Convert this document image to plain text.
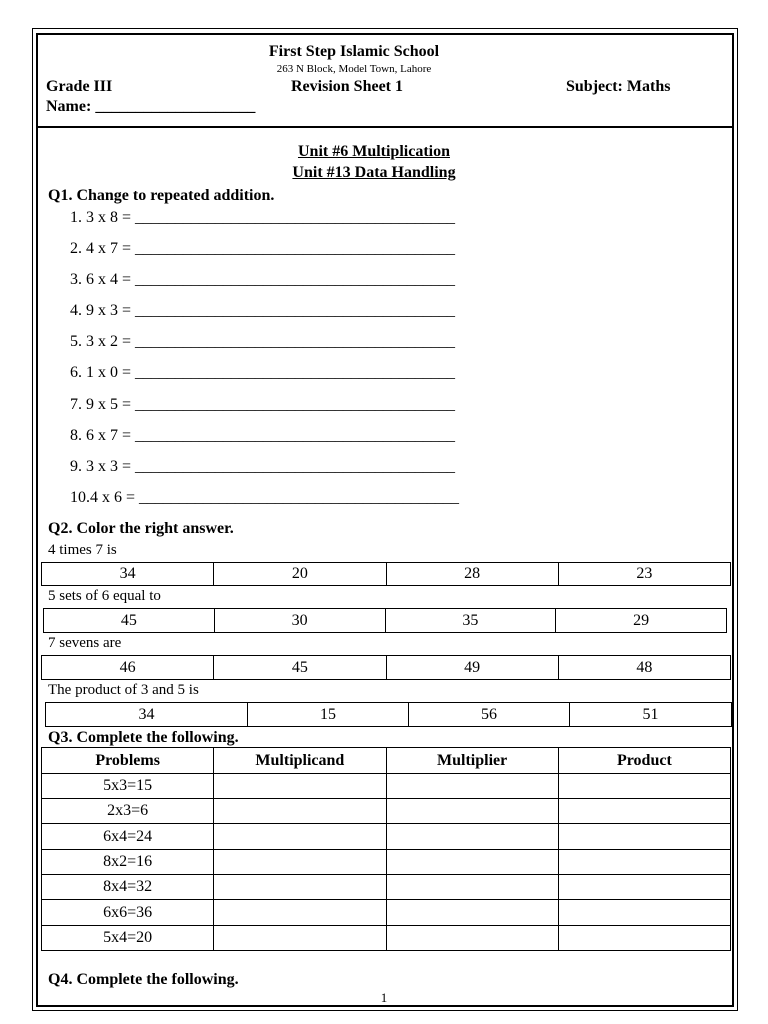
First Step Islamic School
263 N Block, Model Town, Lahore
Grade III	Revision Sheet 1	Subject: Maths
Name: ____________________
Unit #6 Multiplication
Unit #13 Data Handling
Q1. Change to repeated addition.
1. 3 x 8 = ________________________________________
2. 4 x 7 = ________________________________________
3. 6 x 4 = ________________________________________
4. 9 x 3 = ________________________________________
5. 3 x 2 = ________________________________________
6. 1 x 0 = ________________________________________
7. 9 x 5 = ________________________________________
8. 6 x 7 = ________________________________________
9. 3 x 3 = ________________________________________
10.4 x 6 = ________________________________________
Q2. Color the right answer.
4 times 7 is
34	20	28	23
5 sets of 6 equal to
45	30	35	29
7 sevens are
46	45	49	48
The product of 3 and 5 is
34	15	56	51
Q3. Complete the following.
Problems	Multiplicand	Multiplier	Product
5x3=15			
2x3=6			
6x4=24			
8x2=16			
8x4=32			
6x6=36			
5x4=20			
Q4. Complete the following.
1
